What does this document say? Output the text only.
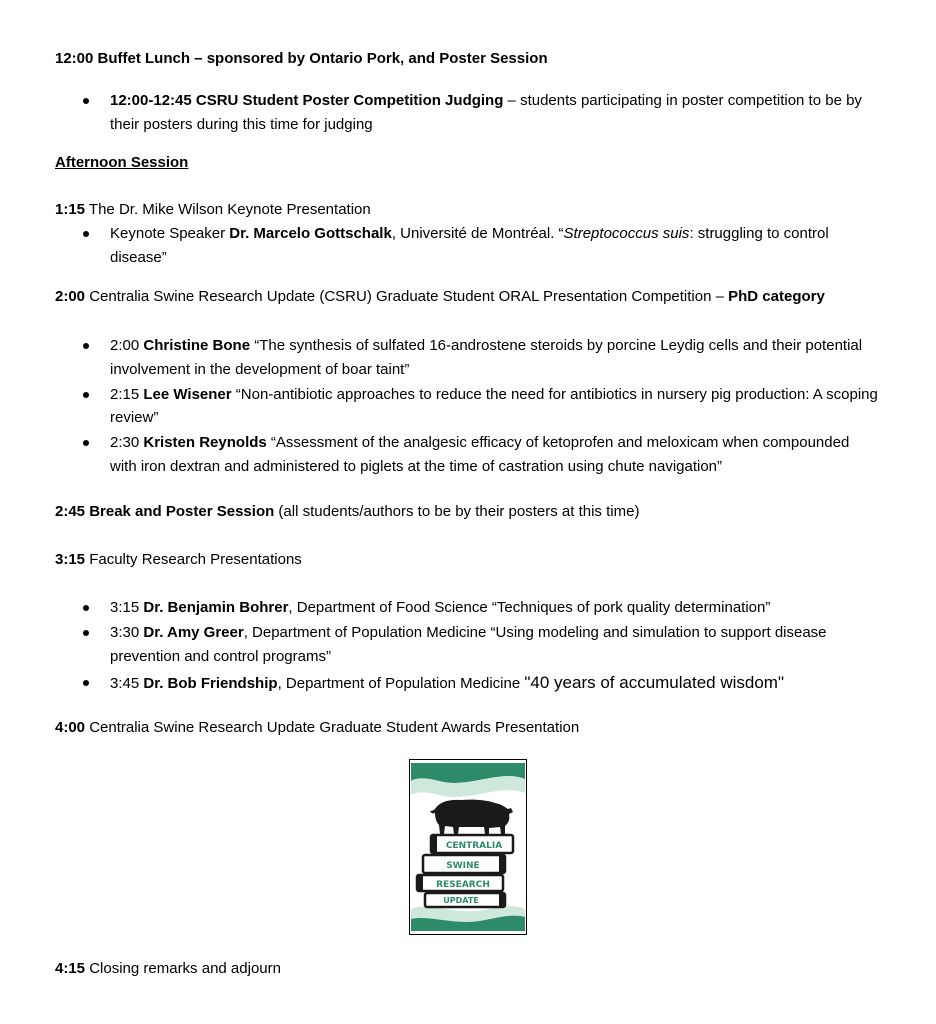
12:00 Buffet Lunch – sponsored by Ontario Pork, and Poster Session
12:00-12:45 CSRU Student Poster Competition Judging – students participating in poster competition to be by their posters during this time for judging
Afternoon Session
1:15 The Dr. Mike Wilson Keynote Presentation
Keynote Speaker Dr. Marcelo Gottschalk, Université de Montréal. “Streptococcus suis: struggling to control disease”
2:00 Centralia Swine Research Update (CSRU) Graduate Student ORAL Presentation Competition – PhD category
2:00 Christine Bone “The synthesis of sulfated 16-androstene steroids by porcine Leydig cells and their potential involvement in the development of boar taint”
2:15 Lee Wisener “Non-antibiotic approaches to reduce the need for antibiotics in nursery pig production: A scoping review”
2:30 Kristen Reynolds “Assessment of the analgesic efficacy of ketoprofen and meloxicam when compounded with iron dextran and administered to piglets at the time of castration using chute navigation”
2:45 Break and Poster Session (all students/authors to be by their posters at this time)
3:15 Faculty Research Presentations
3:15 Dr. Benjamin Bohrer, Department of Food Science “Techniques of pork quality determination”
3:30 Dr. Amy Greer, Department of Population Medicine “Using modeling and simulation to support disease prevention and control programs”
3:45 Dr. Bob Friendship, Department of Population Medicine "40 years of accumulated wisdom"
4:00 Centralia Swine Research Update Graduate Student Awards Presentation
CENTRALIA
SWINE
RESEARCH
UPDATE
4:15 Closing remarks and adjourn
